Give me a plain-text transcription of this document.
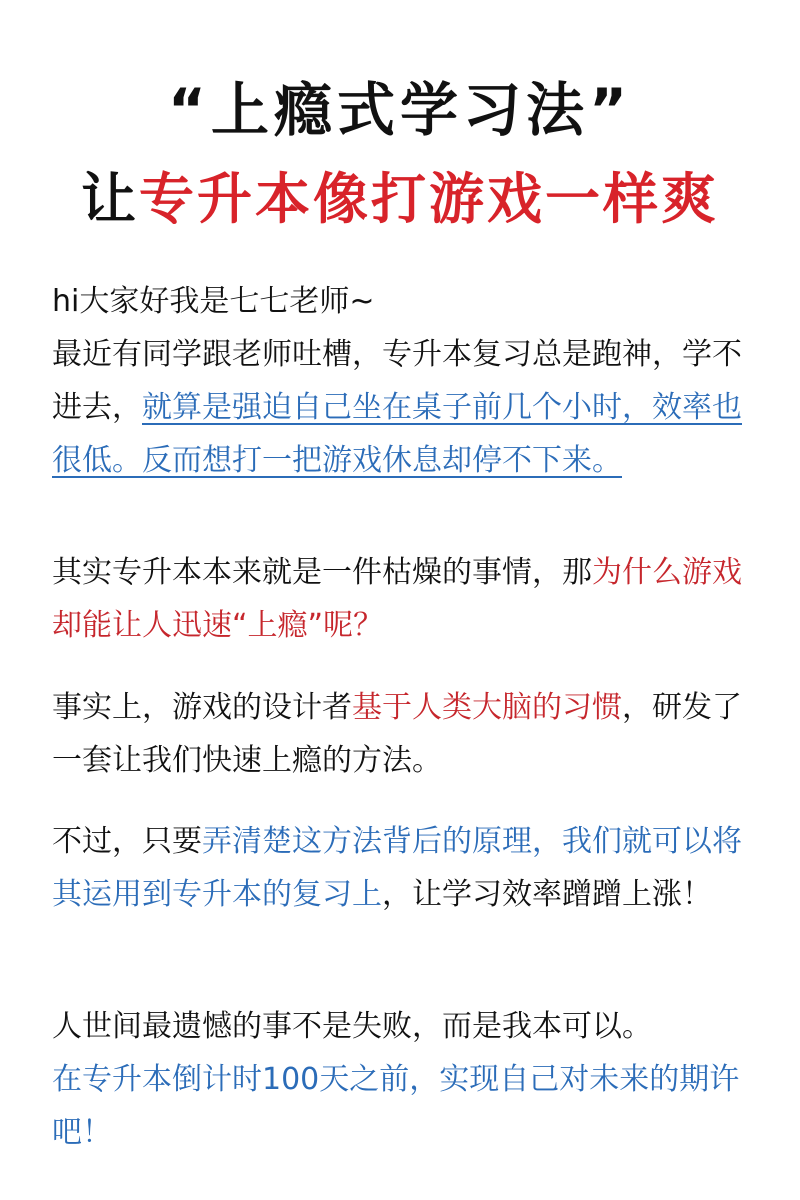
“上瘾式学习法”
让专升本像打游戏一样爽

hi大家好我是七七老师~
最近有同学跟老师吐槽，专升本复习总是跑神，学不进去，就算是强迫自己坐在桌子前几个小时，效率也很低。反而想打一把游戏休息却停不下来。

其实专升本本来就是一件枯燥的事情，那为什么游戏却能让人迅速“上瘾”呢？

事实上，游戏的设计者基于人类大脑的习惯，研发了一套让我们快速上瘾的方法。

不过，只要弄清楚这方法背后的原理，我们就可以将其运用到专升本的复习上，让学习效率蹭蹭上涨！

人世间最遗憾的事不是失败，而是我本可以。
在专升本倒计时100天之前，实现自己对未来的期许吧！
